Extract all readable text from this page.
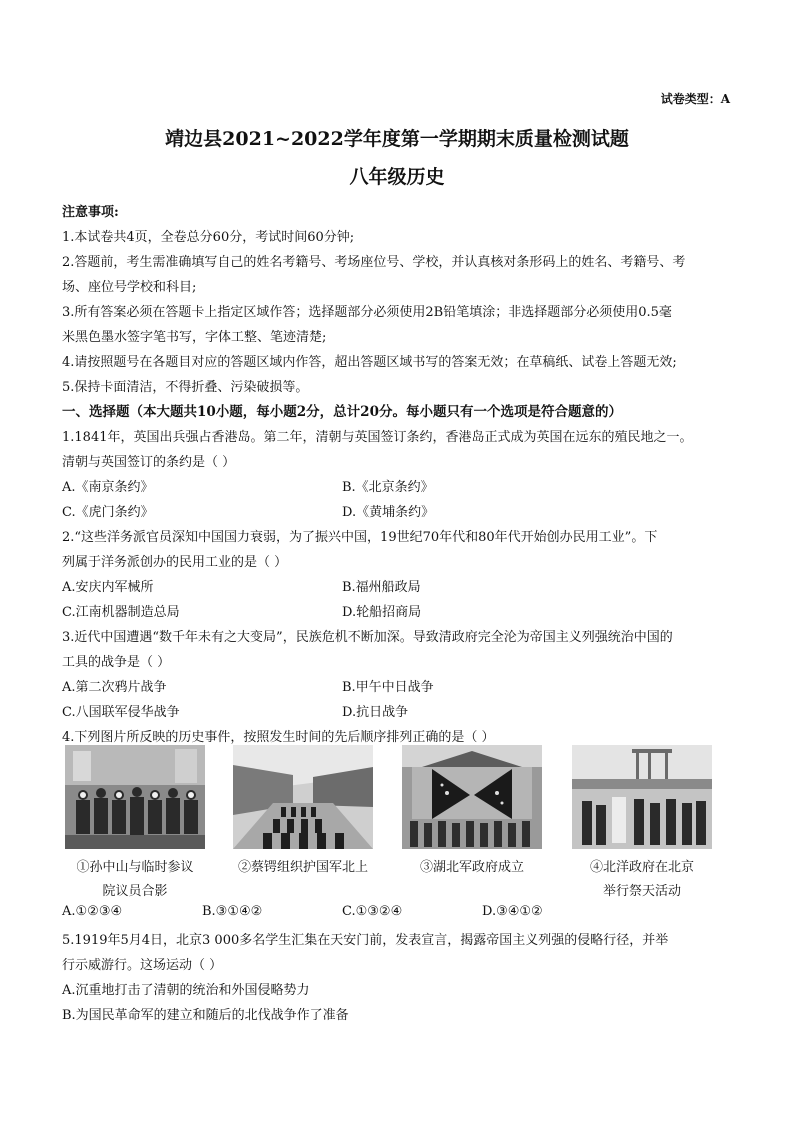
试卷类型：A
靖边县2021~2022学年度第一学期期末质量检测试题
八年级历史
注意事项:
1.本试卷共4页，全卷总分60分，考试时间60分钟;
2.答题前，考生需准确填写自己的姓名考籍号、考场座位号、学校，并认真核对条形码上的姓名、考籍号、考
场、座位号学校和科目;
3.所有答案必须在答题卡上指定区域作答；选择题部分必须使用2B铅笔填涂；非选择题部分必须使用0.5毫
米黑色墨水签字笔书写，字体工整、笔迹清楚;
4.请按照题号在各题目对应的答题区域内作答，超出答题区域书写的答案无效；在草稿纸、试卷上答题无效;
5.保持卡面清洁，不得折叠、污染破损等。
一、选择题（本大题共10小题，每小题2分，总计20分。每小题只有一个选项是符合题意的）
1.1841年，英国出兵强占香港岛。第二年，清朝与英国签订条约，香港岛正式成为英国在远东的殖民地之一。
清朝与英国签订的条约是（ ）
A.《南京条约》	B.《北京条约》
C.《虎门条约》	D.《黄埔条约》
2.“这些洋务派官员深知中国国力衰弱，为了振兴中国，19世纪70年代和80年代开始创办民用工业”。下
列属于洋务派创办的民用工业的是（ ）
A.安庆内军械所	B.福州船政局
C.江南机器制造总局	D.轮船招商局
3.近代中国遭遇“数千年未有之大变局”，民族危机不断加深。导致清政府完全沦为帝国主义列强统治中国的
工具的战争是（ ）
A.第二次鸦片战争	B.甲午中日战争
C.八国联军侵华战争	D.抗日战争
4.下列图片所反映的历史事件，按照发生时间的先后顺序排列正确的是（ ）
①孙中山与临时参议
院议员合影
②蔡锷组织护国军北上	③湖北军政府成立	④北洋政府在北京
举行祭天活动
A.①②③④	B.③①④②	C.①③②④	D.③④①②
5.1919年5月4日，北京3 000多名学生汇集在天安门前，发表宣言，揭露帝国主义列强的侵略行径，并举
行示威游行。这场运动（ ）
A.沉重地打击了清朝的统治和外国侵略势力
B.为国民革命军的建立和随后的北伐战争作了准备
